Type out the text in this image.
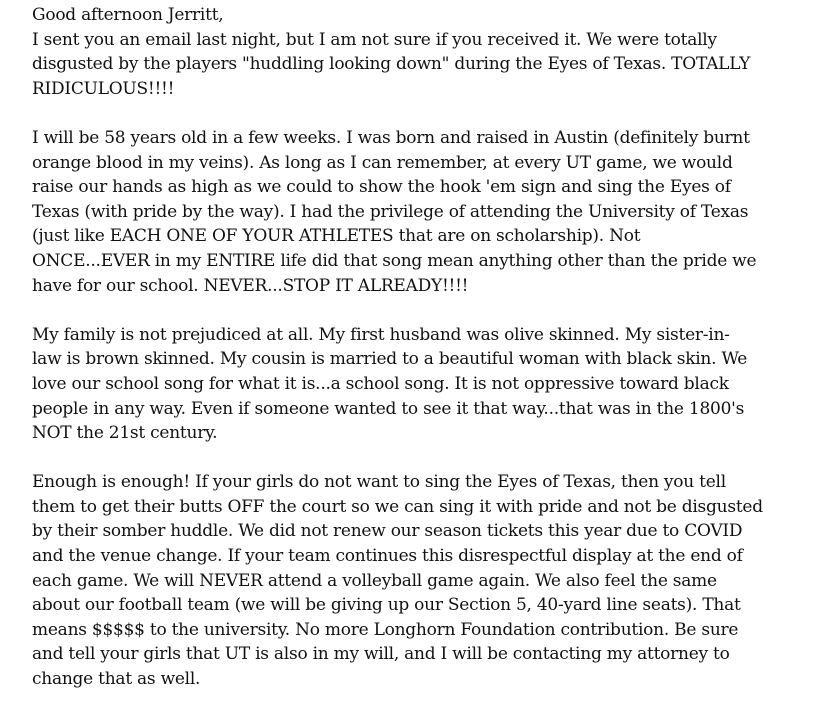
Good afternoon Jerritt,

I sent you an email last night, but I am not sure if you received it. We were totally
disgusted by the players "huddling looking down" during the Eyes of Texas. TOTALLY
RIDICULOUS!!!!

I will be 58 years old in a few weeks. I was born and raised in Austin (definitely burnt
orange blood in my veins). As long as I can remember, at every UT game, we would
raise our hands as high as we could to show the hook 'em sign and sing the Eyes of
Texas (with pride by the way). I had the privilege of attending the University of Texas
(just like EACH ONE OF YOUR ATHLETES that are on scholarship). Not
ONCE...EVER in my ENTIRE life did that song mean anything other than the pride we
have for our school. NEVER...STOP IT ALREADY!!!!

My family is not prejudiced at all. My first husband was olive skinned. My sister-in-
law is brown skinned. My cousin is married to a beautiful woman with black skin. We
love our school song for what it is...a school song. It is not oppressive toward black
people in any way. Even if someone wanted to see it that way...that was in the 1800's
NOT the 21st century.

Enough is enough! If your girls do not want to sing the Eyes of Texas, then you tell
them to get their butts OFF the court so we can sing it with pride and not be disgusted
by their somber huddle. We did not renew our season tickets this year due to COVID
and the venue change. If your team continues this disrespectful display at the end of
each game. We will NEVER attend a volleyball game again. We also feel the same
about our football team (we will be giving up our Section 5, 40-yard line seats). That
means $$$$$ to the university. No more Longhorn Foundation contribution. Be sure
and tell your girls that UT is also in my will, and I will be contacting my attorney to
change that as well.
